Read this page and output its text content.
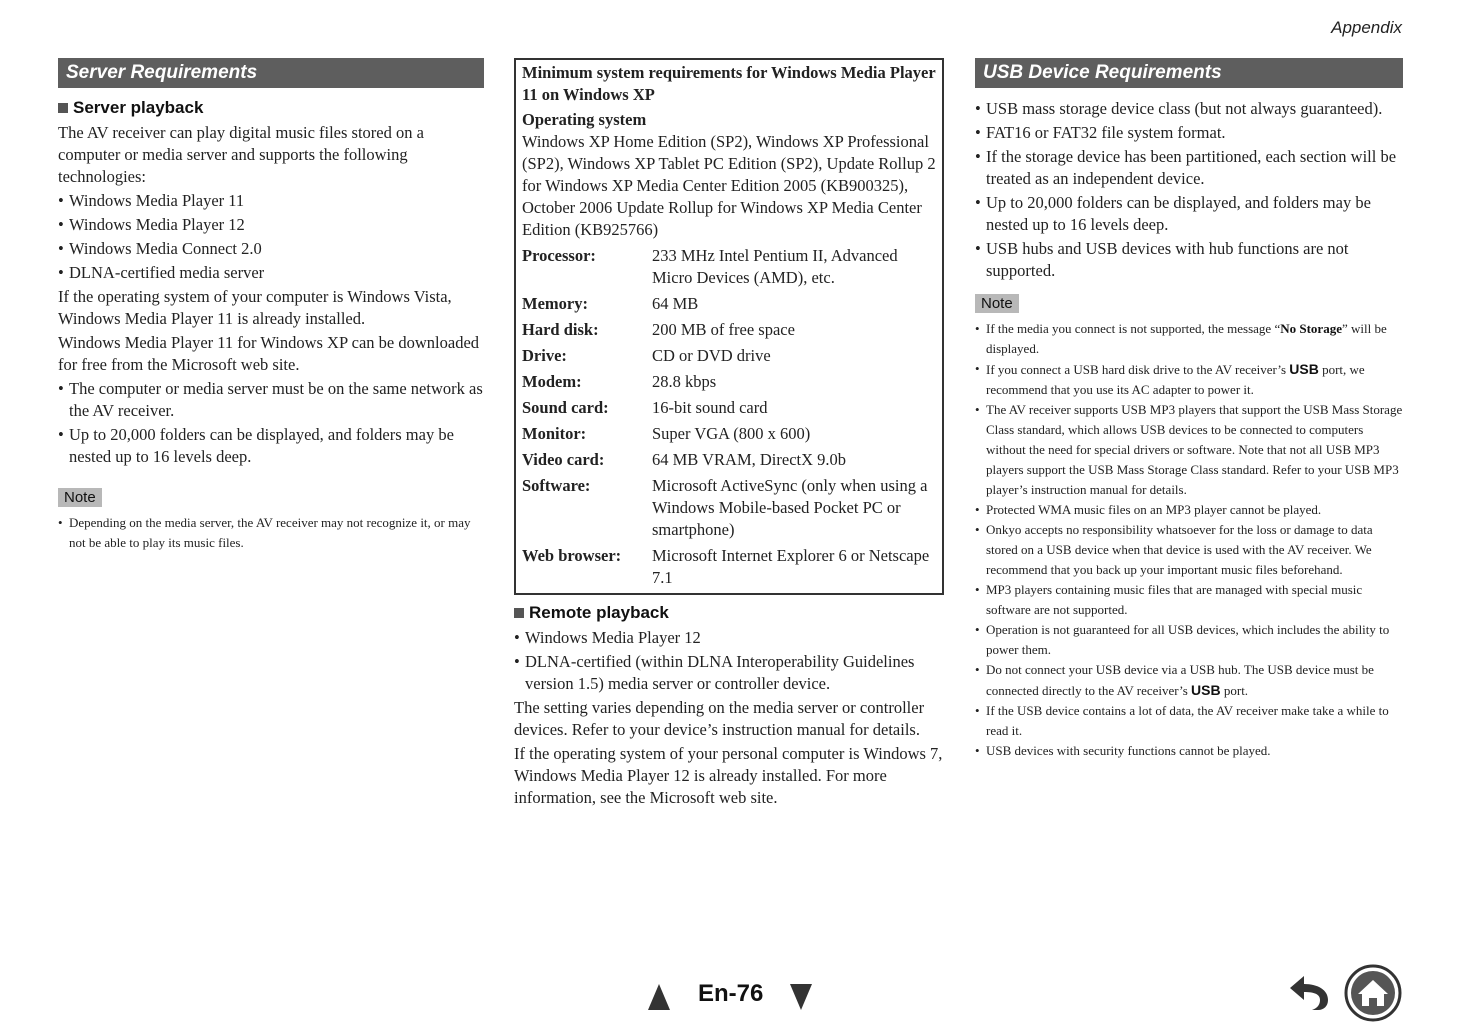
Appendix
Server Requirements
Server playback

The AV receiver can play digital music files stored on a computer or media server and supports the following technologies:

• Windows Media Player 11
• Windows Media Player 12
• Windows Media Connect 2.0
• DLNA-certified media server

If the operating system of your computer is Windows Vista, Windows Media Player 11 is already installed.

Windows Media Player 11 for Windows XP can be downloaded for free from the Microsoft web site.

• The computer or media server must be on the same network as the AV receiver.
• Up to 20,000 folders can be displayed, and folders may be nested up to 16 levels deep.
Note
• Depending on the media server, the AV receiver may not recognize it, or may not be able to play its music files.
Minimum system requirements for Windows Media Player 11 on Windows XP
Operating system
Windows XP Home Edition (SP2), Windows XP Professional (SP2), Windows XP Tablet PC Edition (SP2), Update Rollup 2 for Windows XP Media Center Edition 2005 (KB900325), October 2006 Update Rollup for Windows XP Media Center Edition (KB925766)
Processor:	233 MHz Intel Pentium II, Advanced Micro Devices (AMD), etc.
Memory:	64 MB
Hard disk:	200 MB of free space
Drive:	CD or DVD drive
Modem:	28.8 kbps
Sound card:	16-bit sound card
Monitor:	Super VGA (800 x 600)
Video card:	64 MB VRAM, DirectX 9.0b
Software:	Microsoft ActiveSync (only when using a Windows Mobile-based Pocket PC or smartphone)
Web browser:	Microsoft Internet Explorer 6 or Netscape 7.1
Remote playback
• Windows Media Player 12
• DLNA-certified (within DLNA Interoperability Guidelines version 1.5) media server or controller device.

The setting varies depending on the media server or controller devices. Refer to your device’s instruction manual for details.

If the operating system of your personal computer is Windows 7, Windows Media Player 12 is already installed. For more information, see the Microsoft web site.

USB Device Requirements
• USB mass storage device class (but not always guaranteed).
• FAT16 or FAT32 file system format.
• If the storage device has been partitioned, each section will be treated as an independent device.
• Up to 20,000 folders can be displayed, and folders may be nested up to 16 levels deep.
• USB hubs and USB devices with hub functions are not supported.
Note
• If the media you connect is not supported, the message “No Storage” will be displayed.
• If you connect a USB hard disk drive to the AV receiver’s USB port, we recommend that you use its AC adapter to power it.
• The AV receiver supports USB MP3 players that support the USB Mass Storage Class standard, which allows USB devices to be connected to computers without the need for special drivers or software. Note that not all USB MP3 players support the USB Mass Storage Class standard. Refer to your USB MP3 player’s instruction manual for details.
• Protected WMA music files on an MP3 player cannot be played.
• Onkyo accepts no responsibility whatsoever for the loss or damage to data stored on a USB device when that device is used with the AV receiver. We recommend that you back up your important music files beforehand.
• MP3 players containing music files that are managed with special music software are not supported.
• Operation is not guaranteed for all USB devices, which includes the ability to power them.
• Do not connect your USB device via a USB hub. The USB device must be connected directly to the AV receiver’s USB port.
• If the USB device contains a lot of data, the AV receiver make take a while to read it.
• USB devices with security functions cannot be played.
En-76
